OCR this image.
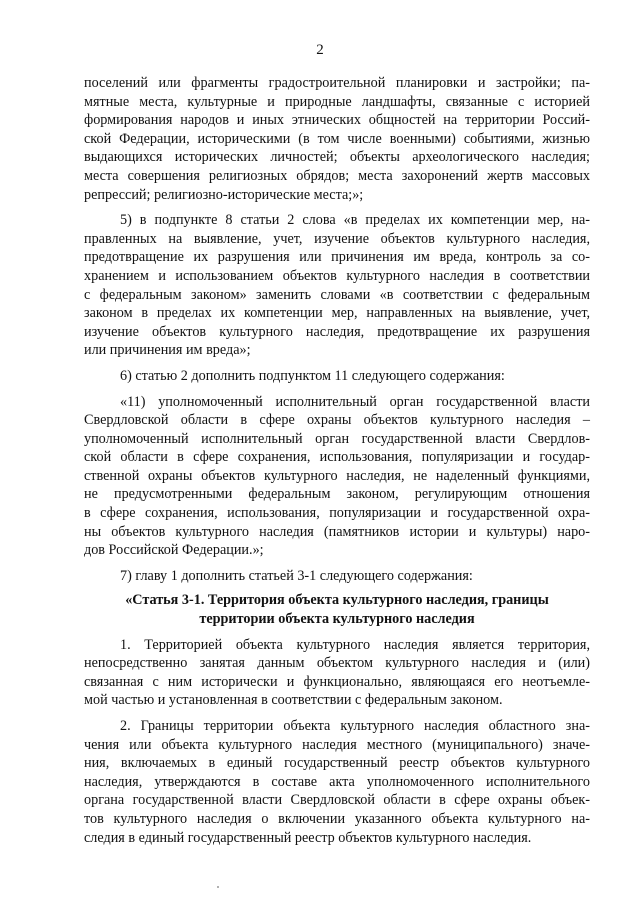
2

поселений или фрагменты градостроительной планировки и застройки; па-

мятные места, культурные и природные ландшафты, связанные с историей

формирования народов и иных этнических общностей на территории Россий-

ской Федерации, историческими (в том числе военными) событиями, жизнью

выдающихся исторических личностей; объекты археологического наследия;

места совершения религиозных обрядов; места захоронений жертв массовых

репрессий; религиозно-исторические места;»;

5) в подпункте 8 статьи 2 слова «в пределах их компетенции мер, на-

правленных на выявление, учет, изучение объектов культурного наследия,

предотвращение их разрушения или причинения им вреда, контроль за со-

хранением и использованием объектов культурного наследия в соответствии

с федеральным законом» заменить словами «в соответствии с федеральным

законом в пределах их компетенции мер, направленных на выявление, учет,

изучение объектов культурного наследия, предотвращение их разрушения

или причинения им вреда»;

6) статью 2 дополнить подпунктом 11 следующего содержания:

«11) уполномоченный исполнительный орган государственной власти

Свердловской области в сфере охраны объектов культурного наследия –

уполномоченный исполнительный орган государственной власти Свердлов-

ской области в сфере сохранения, использования, популяризации и государ-

ственной охраны объектов культурного наследия, не наделенный функциями,

не предусмотренными федеральным законом, регулирующим отношения

в сфере сохранения, использования, популяризации и государственной охра-

ны объектов культурного наследия (памятников истории и культуры) наро-

дов Российской Федерации.»;

7) главу 1 дополнить статьей 3-1 следующего содержания:

«Статья 3-1. Территория объекта культурного наследия, границы
территории объекта культурного наследия

1. Территорией объекта культурного наследия является территория,

непосредственно занятая данным объектом культурного наследия и (или)

связанная с ним исторически и функционально, являющаяся его неотъемле-

мой частью и установленная в соответствии с федеральным законом.

2. Границы территории объекта культурного наследия областного зна-

чения или объекта культурного наследия местного (муниципального) значе-

ния, включаемых в единый государственный реестр объектов культурного

наследия, утверждаются в составе акта уполномоченного исполнительного

органа государственной власти Свердловской области в сфере охраны объек-

тов культурного наследия о включении указанного объекта культурного на-

следия в единый государственный реестр объектов культурного наследия.
